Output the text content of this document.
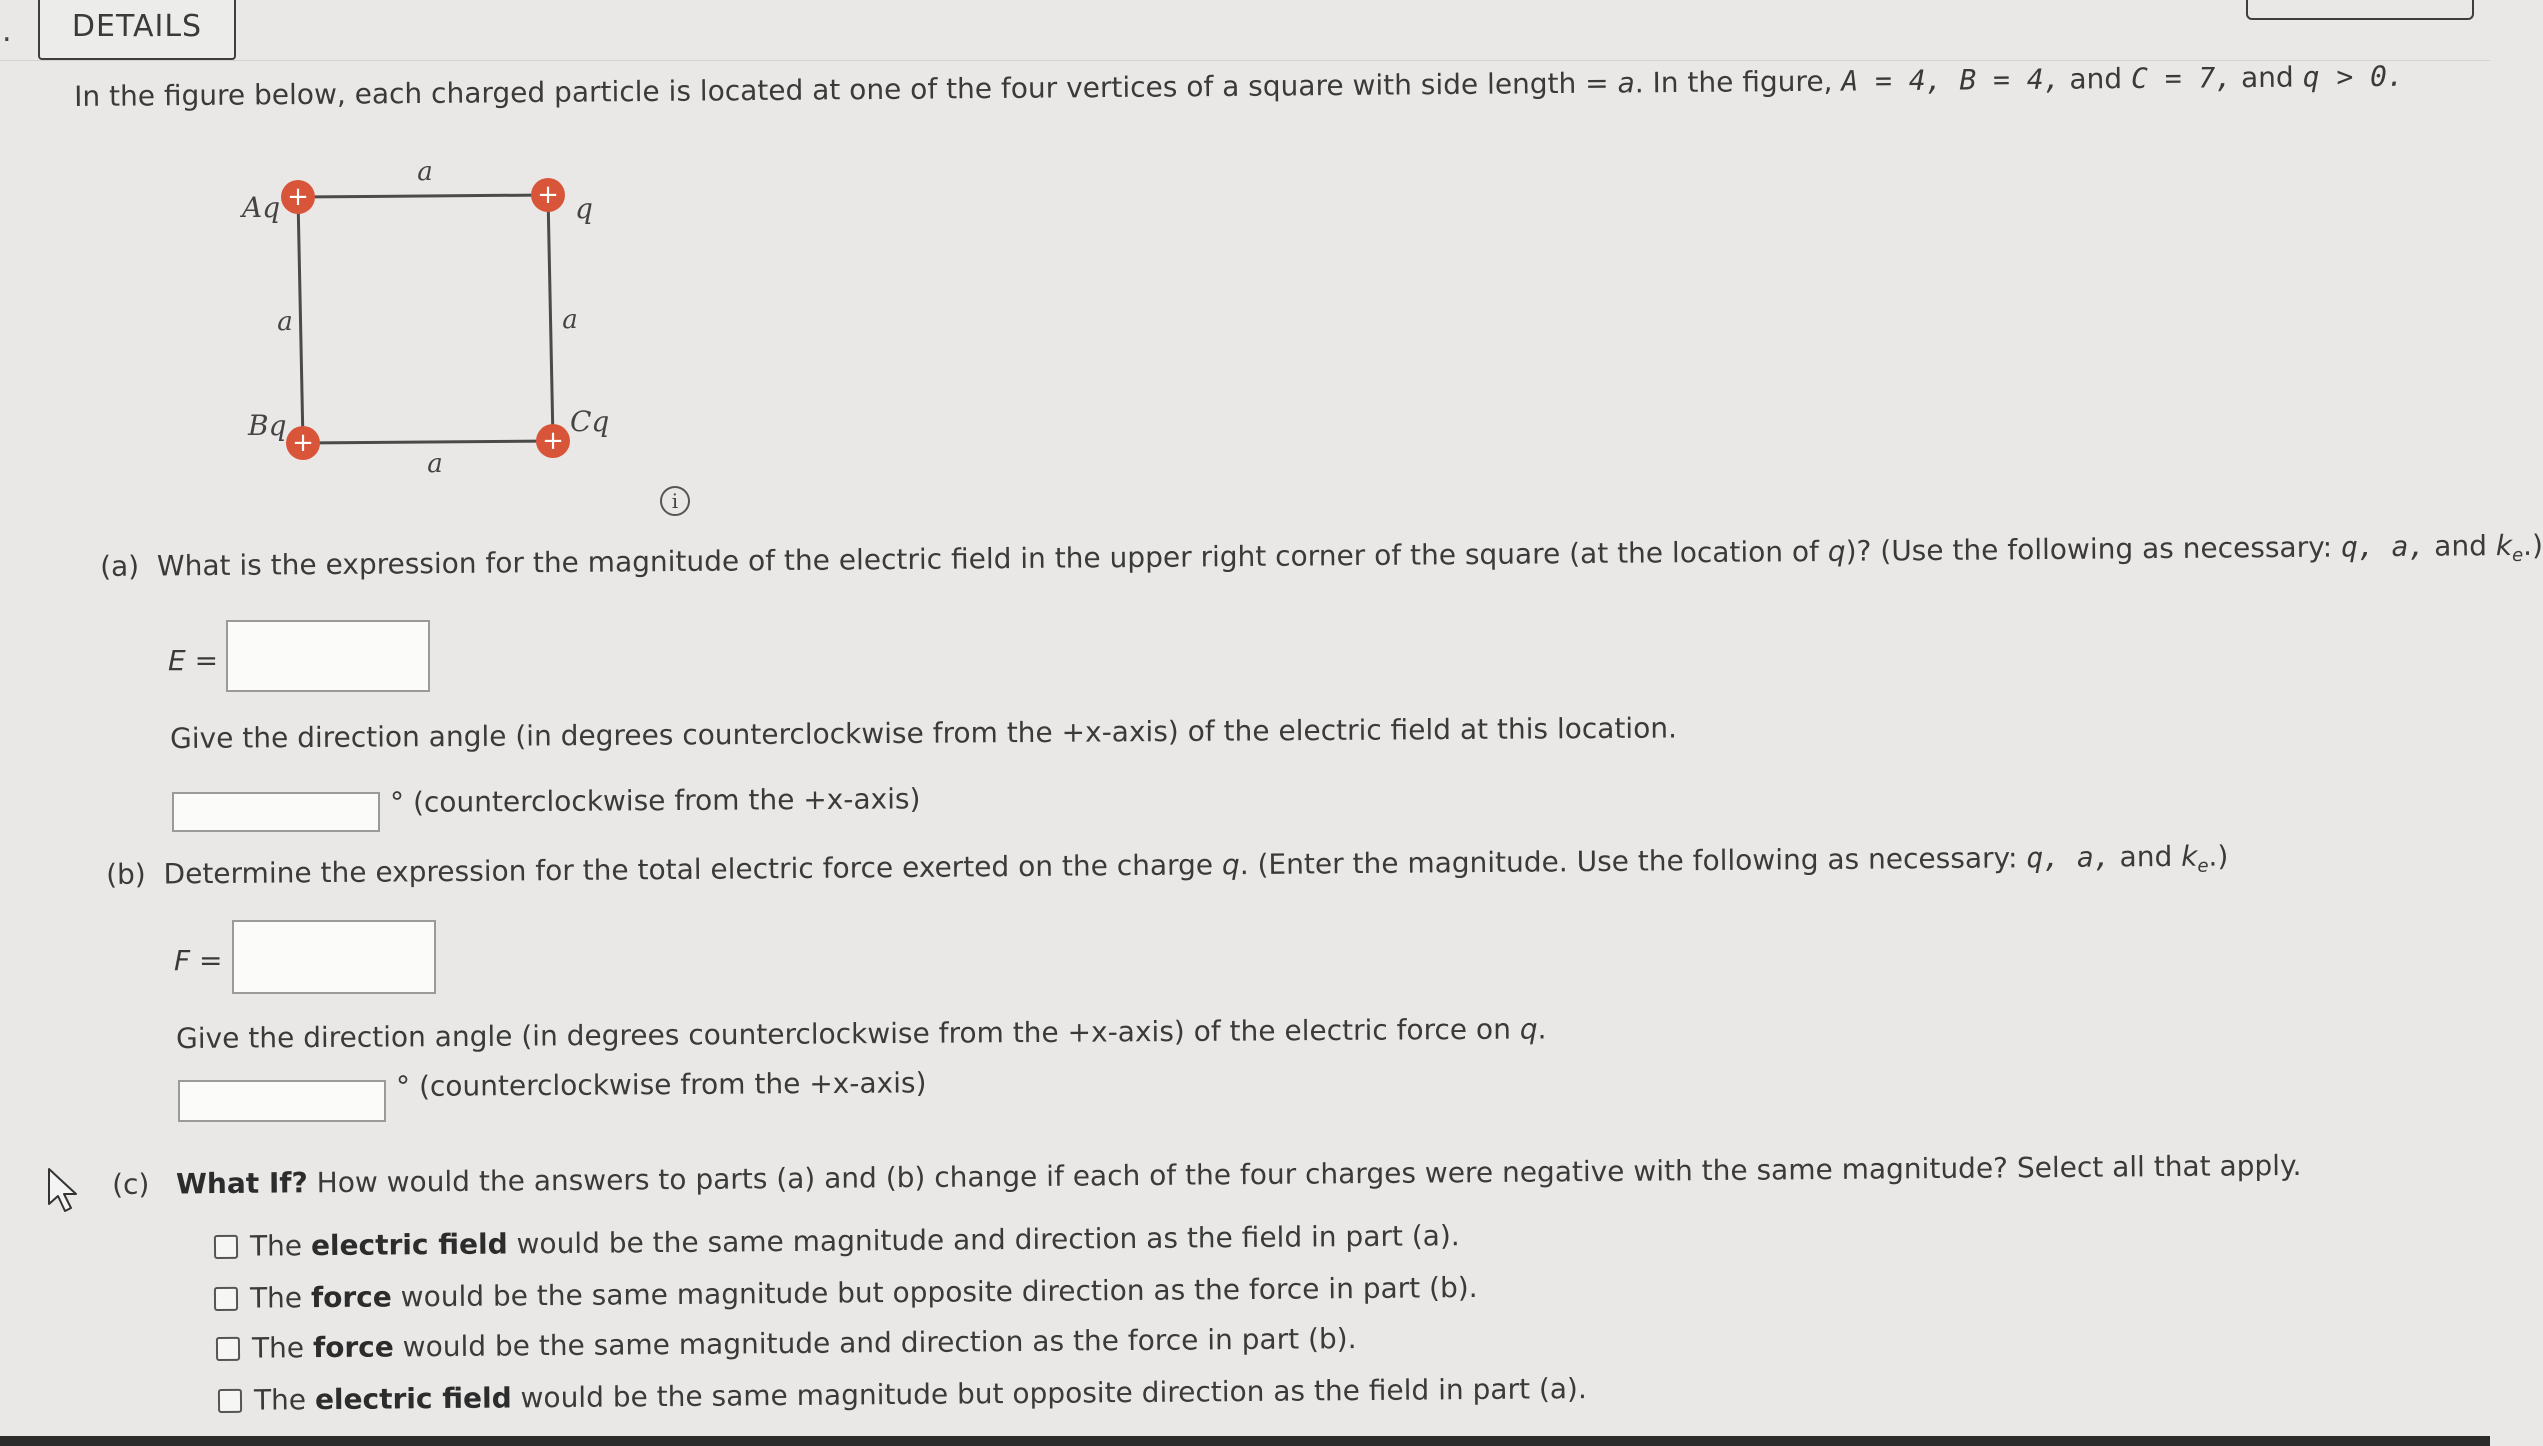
. DETAILS
In the figure below, each charged particle is located at one of the four vertices of a square with side length = a. In the figure, A = 4, B = 4, and C = 7, and q > 0.
+	+
+	+
a
a	a
a
Aq	q
Bq	Cq
i
(a) What is the expression for the magnitude of the electric field in the upper right corner of the square (at the location of q)? (Use the following as necessary: q, a, and $k_e$.)
E =
Give the direction angle (in degrees counterclockwise from the +x-axis) of the electric field at this location.
° (counterclockwise from the +x-axis)
(b) Determine the expression for the total electric force exerted on the charge q. (Enter the magnitude. Use the following as necessary: q, a, and $k_e$.)
F =
Give the direction angle (in degrees counterclockwise from the +x-axis) of the electric force on q.
° (counterclockwise from the +x-axis)
(c) What If? How would the answers to parts (a) and (b) change if each of the four charges were negative with the same magnitude? Select all that apply.
The electric field would be the same magnitude and direction as the field in part (a).
The force would be the same magnitude but opposite direction as the force in part (b).
The force would be the same magnitude and direction as the force in part (b).
The electric field would be the same magnitude but opposite direction as the field in part (a).
